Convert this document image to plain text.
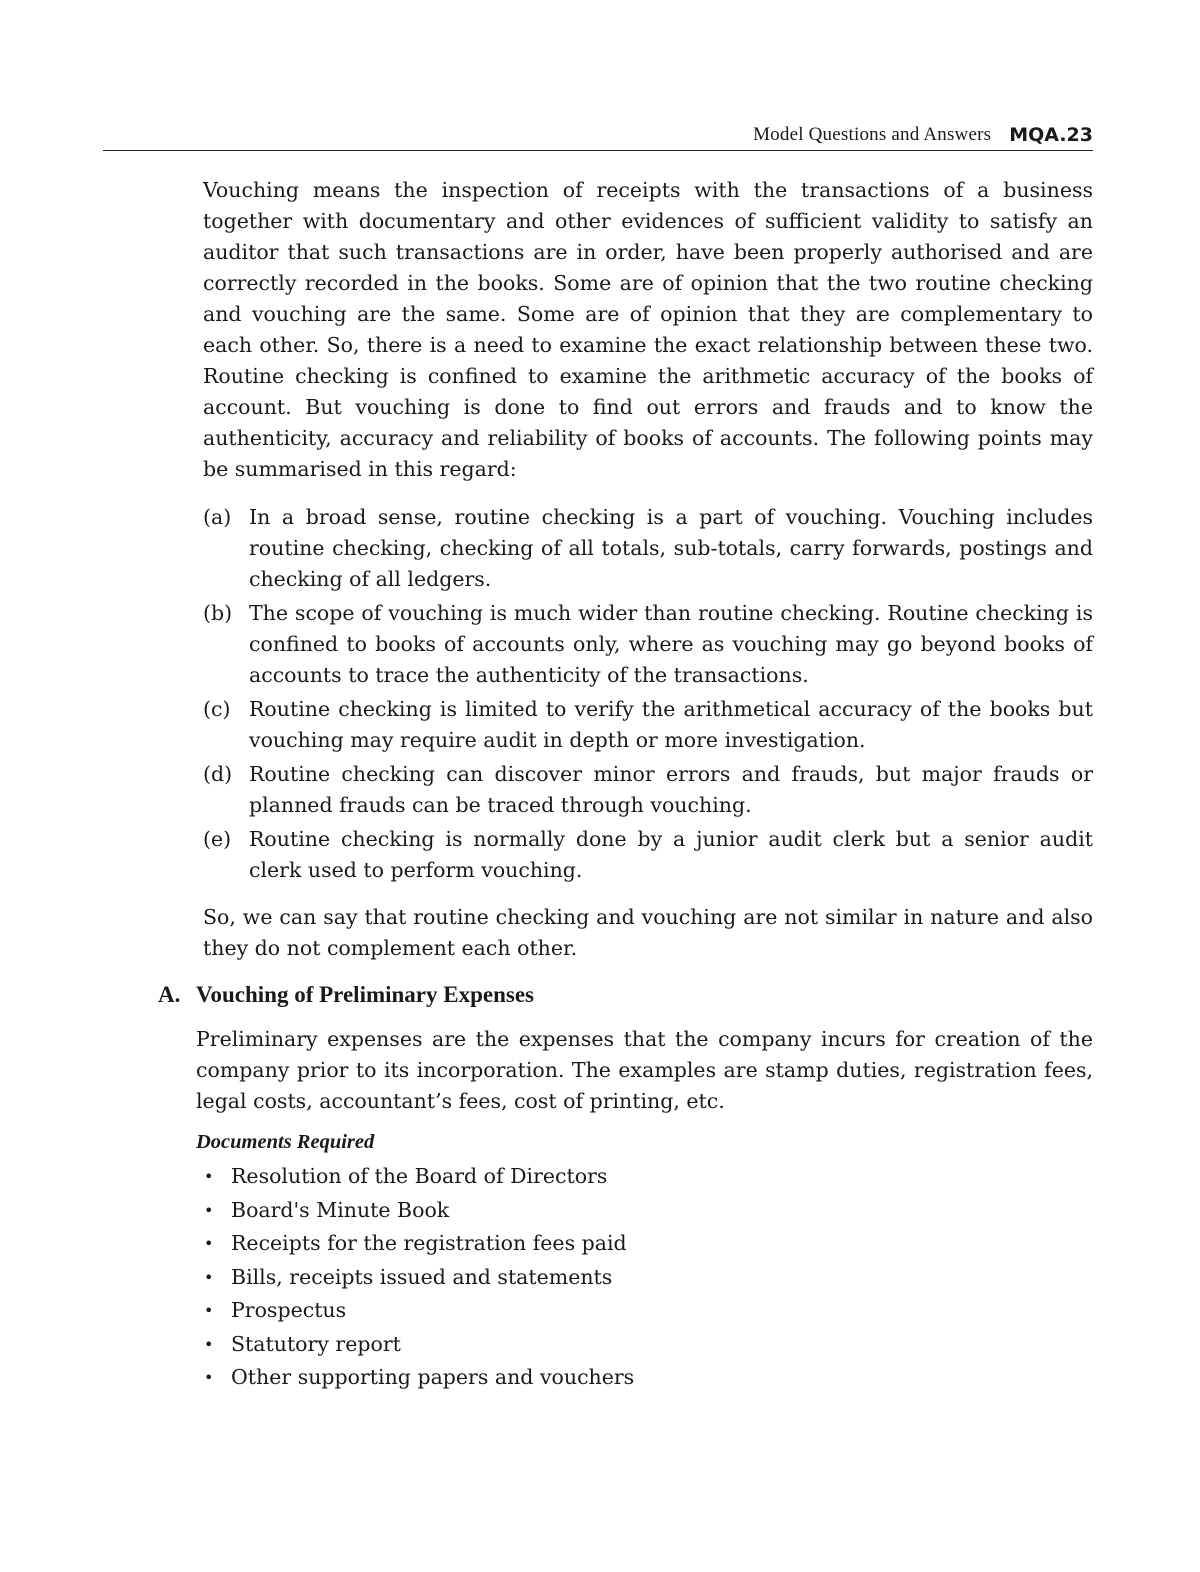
Model Questions and Answers MQA.23

Vouching means the inspection of receipts with the transactions of a business together with documentary and other evidences of sufficient validity to satisfy an auditor that such transactions are in order, have been properly authorised and are correctly recorded in the books. Some are of opinion that the two routine checking and vouching are the same. Some are of opinion that they are complementary to each other. So, there is a need to examine the exact relationship between these two. Routine checking is confined to examine the arithmetic accuracy of the books of account. But vouching is done to find out errors and frauds and to know the authenticity, accuracy and reliability of books of accounts. The following points may be summarised in this regard:

(a) In a broad sense, routine checking is a part of vouching. Vouching includes routine checking, checking of all totals, sub-totals, carry forwards, postings and checking of all ledgers.
(b) The scope of vouching is much wider than routine checking. Routine checking is confined to books of accounts only, where as vouching may go beyond books of accounts to trace the authenticity of the transactions.
(c) Routine checking is limited to verify the arithmetical accuracy of the books but vouching may require audit in depth or more investigation.
(d) Routine checking can discover minor errors and frauds, but major frauds or planned frauds can be traced through vouching.
(e) Routine checking is normally done by a junior audit clerk but a senior audit clerk used to perform vouching.

So, we can say that routine checking and vouching are not similar in nature and also they do not complement each other.

A. Vouching of Preliminary Expenses

Preliminary expenses are the expenses that the company incurs for creation of the company prior to its incorporation. The examples are stamp duties, registration fees, legal costs, accountant’s fees, cost of printing, etc.

Documents Required

• Resolution of the Board of Directors
• Board's Minute Book
• Receipts for the registration fees paid
• Bills, receipts issued and statements
• Prospectus
• Statutory report
• Other supporting papers and vouchers
